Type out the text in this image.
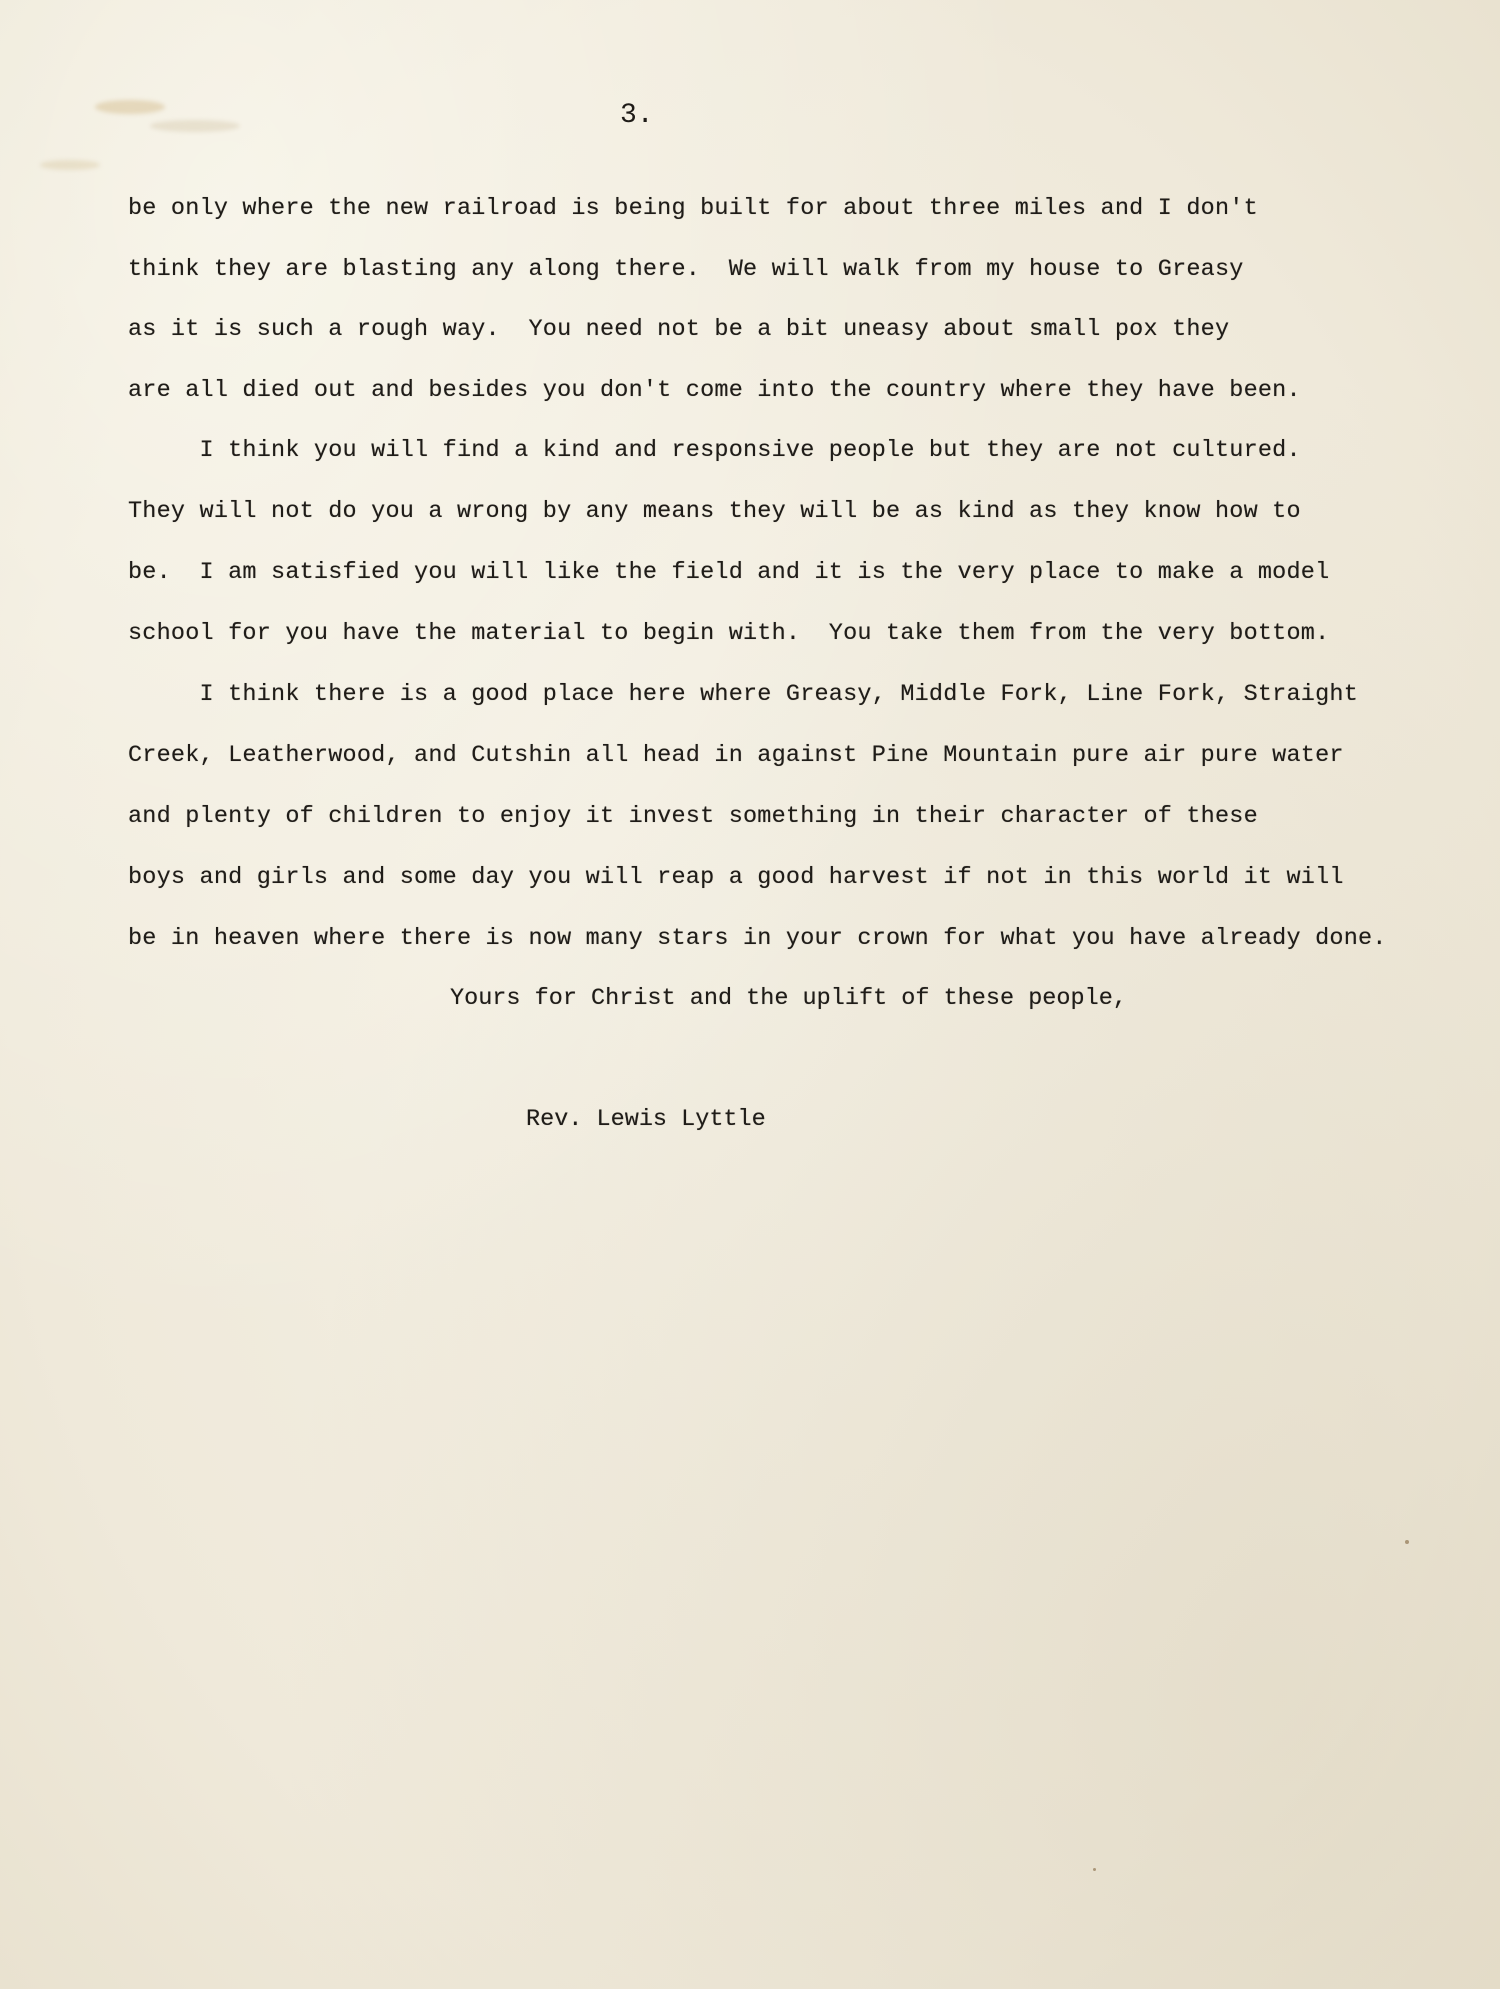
3.
be only where the new railroad is being built for about three miles and I don't
think they are blasting any along there.  We will walk from my house to Greasy
as it is such a rough way.  You need not be a bit uneasy about small pox they
are all died out and besides you don't come into the country where they have been.
I think you will find a kind and responsive people but they are not cultured.
They will not do you a wrong by any means they will be as kind as they know how to
be.  I am satisfied you will like the field and it is the very place to make a model
school for you have the material to begin with.  You take them from the very bottom.
I think there is a good place here where Greasy, Middle Fork, Line Fork, Straight
Creek, Leatherwood, and Cutshin all head in against Pine Mountain pure air pure water
and plenty of children to enjoy it invest something in their character of these
boys and girls and some day you will reap a good harvest if not in this world it will
be in heaven where there is now many stars in your crown for what you have already done.
Yours for Christ and the uplift of these people,
Rev. Lewis Lyttle
